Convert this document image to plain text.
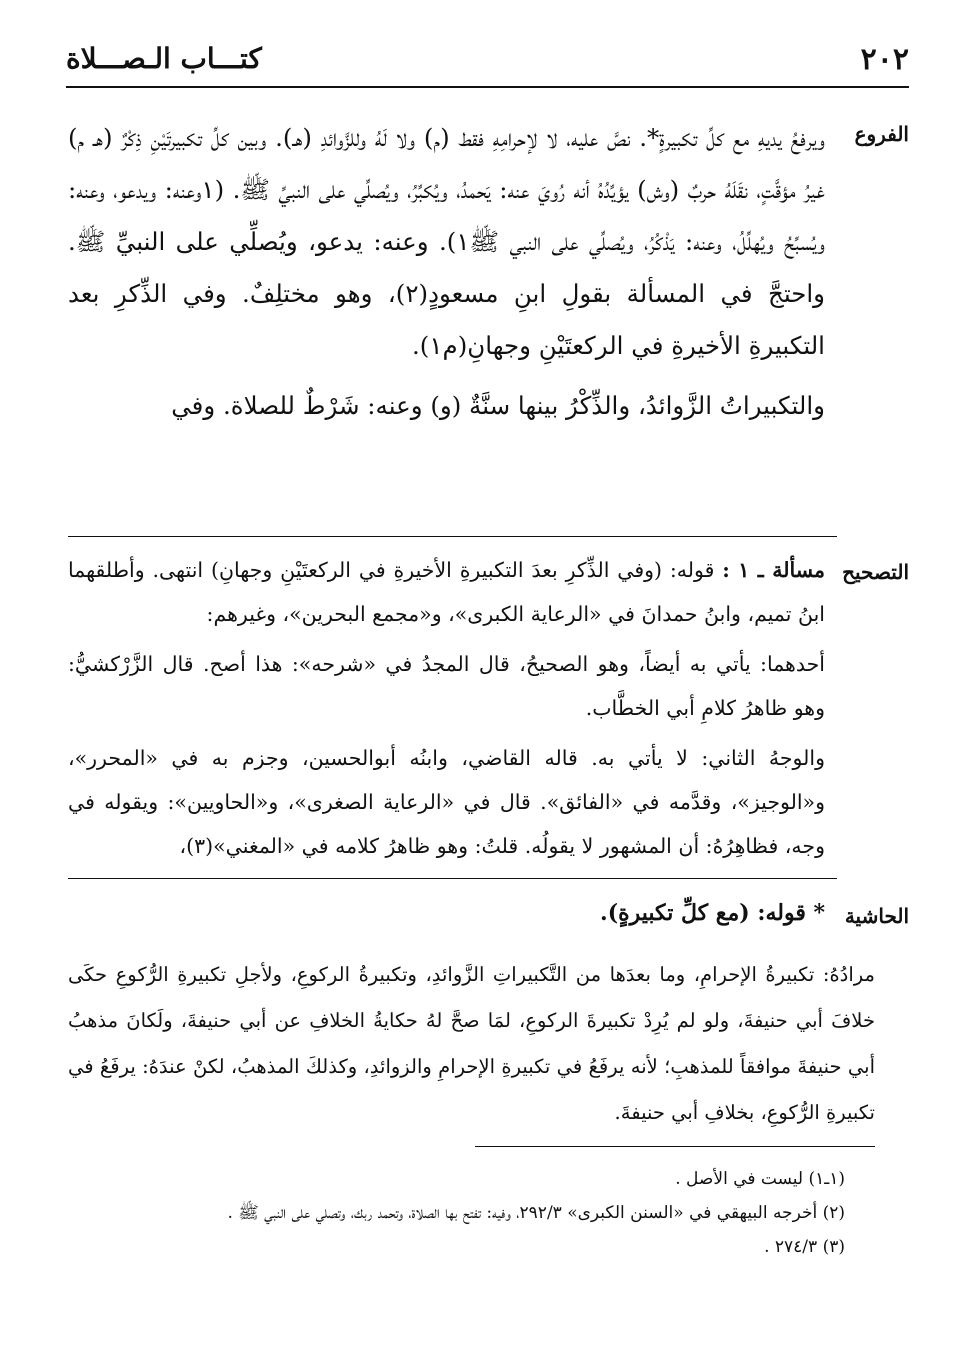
٢٠٢
كتـــاب الـصـــلاة
الفروع

ويرفعُ يديهِ مع كلِّ تكبيرةٍ*. نصَّ عليه، لا لإحرامِهِ فقط (م) ولا لَهُ وللزَّوائدِ (هـ). وبين كلِّ تكبيرتَيْنِ ذِكْرٌ (هـ م) غيرُ مؤقَّتٍ، نقَلَهُ حربٌ (وش) يؤيِّدُهُ أنه رُويَ عنه: يَحمدُ، ويُكبِّرُ، ويُصلِّي على النبيِّ ﷺ. (١وعنه: ويدعو، وعنه: ويُسبِّحُ ويُهلِّلُ، وعنه: يَذْكُرُ، ويُصلِّي على النبي ﷺ١). وعنه: يدعو، ويُصلِّي على النبيِّ ﷺ. واحتجَّ في المسألة بقولِ ابنِ مسعودٍ(٢)، وهو مختلِفٌ. وفي الذِّكرِ بعد التكبيرةِ الأخيرةِ في الركعتَيْنِ وجهانِ(م١).

والتكبيراتُ الزَّوائدُ، والذِّكْرُ بينها سنَّةٌ (و) وعنه: شَرْطٌ للصلاة. وفي

التصحيح

مسألة ـ ١ : قوله: (وفي الذِّكرِ بعدَ التكبيرةِ الأخيرةِ في الركعتَيْنِ وجهانِ) انتهى. وأطلقهما ابنُ تميم، وابنُ حمدانَ في «الرعاية الكبرى»، و«مجمع البحرين»، وغيرهم:

أحدهما: يأتي به أيضاً، وهو الصحيحُ، قال المجدُ في «شرحه»: هذا أصح. قال الزَّرْكشيُّ: وهو ظاهرُ كلامِ أبي الخطَّاب.

والوجهُ الثاني: لا يأتي به. قاله القاضي، وابنُه أبوالحسين، وجزم به في «المحرر»، و«الوجيز»، وقدَّمه في «الفائق». قال في «الرعاية الصغرى»، و«الحاويين»: ويقوله في وجه، فظاهِرُهُ: أن المشهور لا يقولُه. قلتُ: وهو ظاهرُ كلامه في «المغني»(٣)،

الحاشية
* قوله: (مع كلِّ تكبيرةٍ).

مرادُهُ: تكبيرةُ الإحرامِ، وما بعدَها من التَّكبيراتِ الزَّوائدِ، وتكبيرةُ الركوعِ، ولأجلِ تكبيرةِ الرُّكوعِ حكَى خلافَ أبي حنيفةَ، ولو لم يُرِدْ تكبيرةَ الركوعِ، لمَا صحَّ لهُ حكايةُ الخلافِ عن أبي حنيفةَ، ولَكانَ مذهبُ أبي حنيفةَ موافقاً للمذهبِ؛ لأنه يرفَعُ في تكبيرةِ الإحرامِ والزوائدِ، وكذلكَ المذهبُ، لكنْ عندَهُ: يرفَعُ في تكبيرةِ الرُّكوعِ، بخلافِ أبي حنيفةَ.

(١ـ١) ليست في الأصل .
(٢) أخرجه البيهقي في «السنن الكبرى» ٢٩٢/٣، وفيه: تفتح بها الصلاة، وتحمد ربك، وتصلي على النبي ﷺ .
(٣) ٢٧٤/٣ .
